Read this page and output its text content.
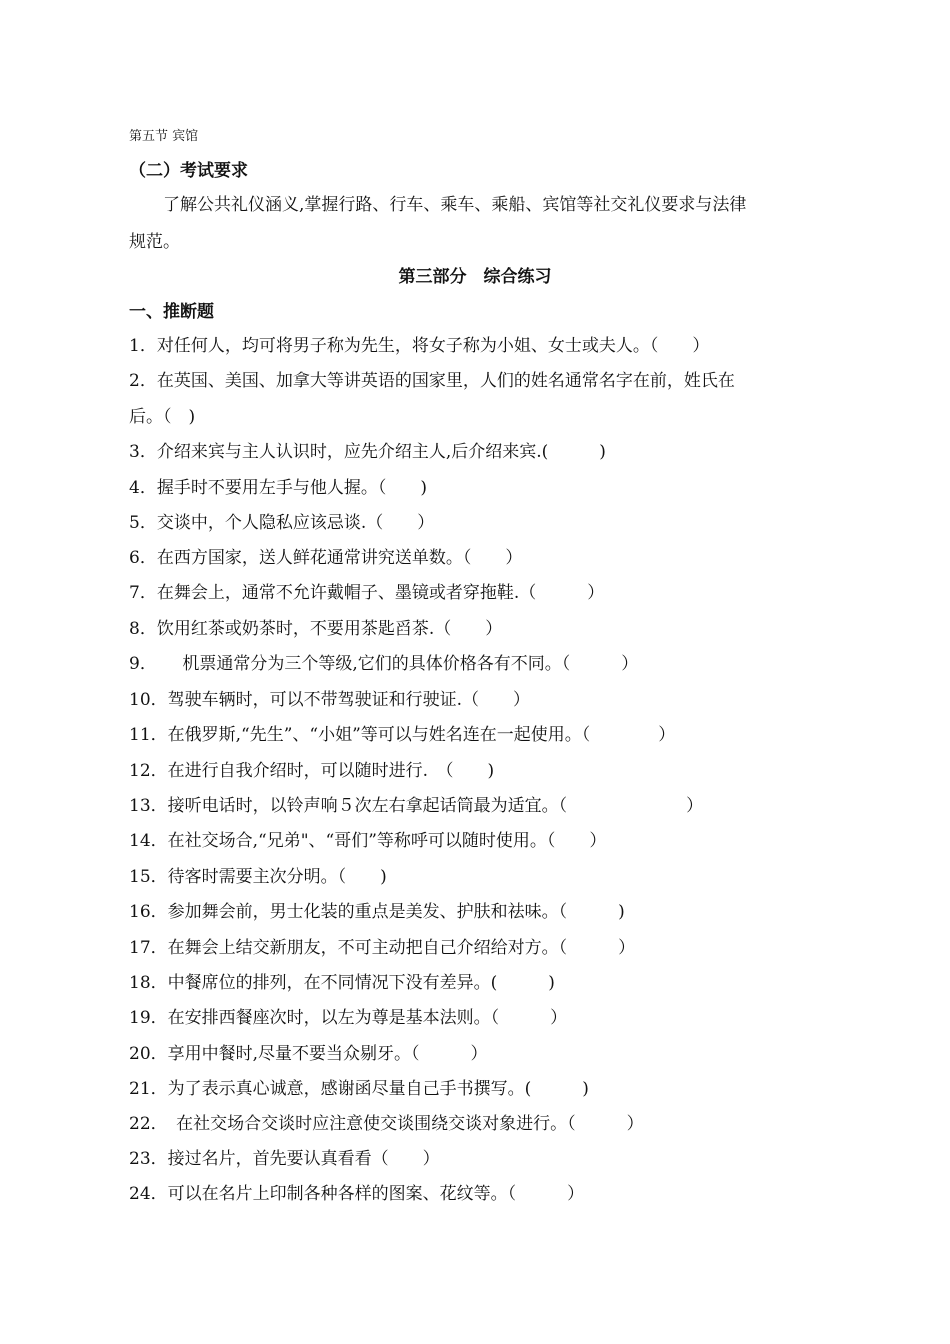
第五节 宾馆
（二）考试要求
了解公共礼仪涵义,掌握行路、行车、乘车、乘船、宾馆等社交礼仪要求与法律
规范。
第三部分　综合练习
一、推断题
1．对任何人，均可将男子称为先生，将女子称为小姐、女士或夫人。（　　）
2．在英国、美国、加拿大等讲英语的国家里，人们的姓名通常名字在前，姓氏在
后。（　)
3．介绍来宾与主人认识时，应先介绍主人,后介绍来宾.(　　　)
4．握手时不要用左手与他人握。（　　)
5．交谈中，个人隐私应该忌谈.（　　）
6．在西方国家，送人鲜花通常讲究送单数。（　　）
7．在舞会上，通常不允许戴帽子、墨镜或者穿拖鞋.（　　　）
8．饮用红茶或奶茶时，不要用茶匙舀茶.（　　）
9．　　机票通常分为三个等级,它们的具体价格各有不同。（　　　）
10．驾驶车辆时，可以不带驾驶证和行驶证.（　　）
11．在俄罗斯,“先生”、“小姐”等可以与姓名连在一起使用。（　　　　）
12．在进行自我介绍时，可以随时进行.　（　　)
13．接听电话时，以铃声响５次左右拿起话筒最为适宜。（　　　　　　　）
14．在社交场合,“兄弟"、“哥们”等称呼可以随时使用。（　　）
15．待客时需要主次分明。（　　)
16．参加舞会前，男士化装的重点是美发、护肤和祛味。（　　　)
17．在舞会上结交新朋友，不可主动把自己介绍给对方。（　　　）
18．中餐席位的排列，在不同情况下没有差异。(　　　)
19．在安排西餐座次时，以左为尊是基本法则。（　　　）
20．享用中餐时,尽量不要当众剔牙。（　　　）
21．为了表示真心诚意，感谢函尽量自己手书撰写。(　　　)
22．　在社交场合交谈时应注意使交谈围绕交谈对象进行。（　　　）
23．接过名片，首先要认真看看（　　）
24．可以在名片上印制各种各样的图案、花纹等。（　　　）
